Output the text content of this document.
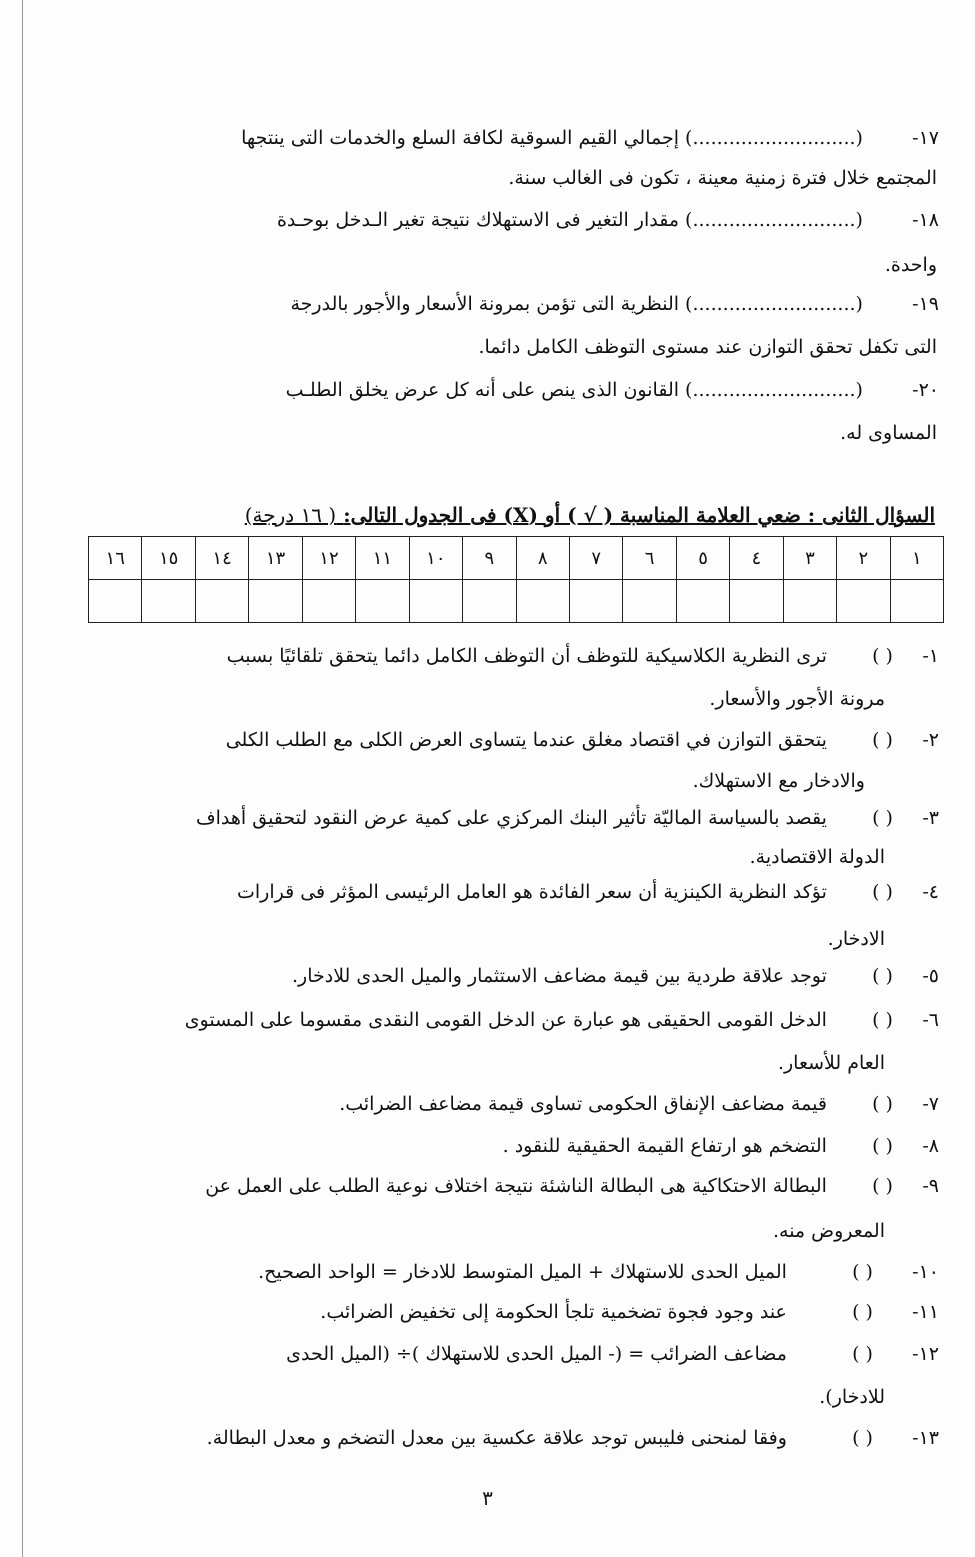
١٧- (...........................) إجمالي القيم السوقية لكافة السلع والخدمات التى ينتجها
المجتمع خلال فترة زمنية معينة ، تكون فى الغالب سنة.
١٨- (...........................) مقدار التغير فى الاستهلاك نتيجة تغير الـدخل بوحـدة
واحدة.
١٩- (...........................) النظرية التى تؤمن بمرونة الأسعار والأجور بالدرجة
التى تكفل تحقق التوازن عند مستوى التوظف الكامل دائما.
٢٠- (...........................) القانون الذى ينص على أنه كل عرض يخلق الطلـب
المساوى له.
السؤال الثانى : ضعي العلامة المناسبة ( √ ) أو (X) فى الجدول التالى: ( ١٦ درجة)
١	٢	٣	٤	٥	٦	٧	٨	٩	١٠	١١	١٢	١٣	١٤	١٥	١٦

١- ( ) ترى النظرية الكلاسيكية للتوظف أن التوظف الكامل دائما يتحقق تلقائيًا بسبب
مرونة الأجور والأسعار.
٢- ( ) يتحقق التوازن في اقتصاد مغلق عندما يتساوى العرض الكلى مع الطلب الكلى
والادخار مع الاستهلاك.
٣- ( ) يقصد بالسياسة الماليّة تأثير البنك المركزي على كمية عرض النقود لتحقيق أهداف
الدولة الاقتصادية.
٤- ( ) تؤكد النظرية الكينزية أن سعر الفائدة هو العامل الرئيسى المؤثر فى قرارات
الادخار.
٥- ( ) توجد علاقة طردية بين قيمة مضاعف الاستثمار والميل الحدى للادخار.
٦- ( ) الدخل القومى الحقيقى هو عبارة عن الدخل القومى النقدى مقسوما على المستوى
العام للأسعار.
٧- ( ) قيمة مضاعف الإنفاق الحكومى تساوى قيمة مضاعف الضرائب.
٨- ( ) التضخم هو ارتفاع القيمة الحقيقية للنقود .
٩- ( ) البطالة الاحتكاكية هى البطالة الناشئة نتيجة اختلاف نوعية الطلب على العمل عن
المعروض منه.
١٠- ( ) الميل الحدى للاستهلاك + الميل المتوسط للادخار = الواحد الصحيح.
١١- ( ) عند وجود فجوة تضخمية تلجأ الحكومة إلى تخفيض الضرائب.
١٢- ( ) مضاعف الضرائب = (- الميل الحدى للاستهلاك )÷ (الميل الحدى
للادخار).
١٣- ( ) وفقا لمنحنى فليبس توجد علاقة عكسية بين معدل التضخم و معدل البطالة.
٣
